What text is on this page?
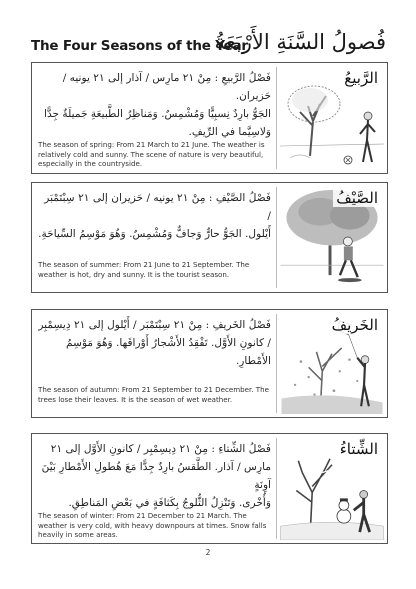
The Four Seasons of the Year
فُصولُ السَّنَةِ الأَرْبَعَةُ
فَصْلُ الرَّبيعِ : مِنْ ٢١ مارِس / آذار إلى ٢١ يونيه / حَزيران.
الجَوُّ بارِدٌ نِسبِيًّا وَمُشْمِسٌ. وَمَناظِرُ الطَّبيعَةِ جَميلَةٌ جِدًّا
وَلاسِيَّما في الرِّيفِ.
The season of spring: From 21 March to 21 June. The weather is relatively cold and sunny. The scene of nature is very beautiful, especially in the countryside.
الرَّبيعُ
فَصْلُ الصَّيْفِ : مِنْ ٢١ يونيه / حَزيران إلى ٢١ سِبْتَمْبَر /
أَيْلول. الجَوُّ حارٌّ وَجافٌّ وَمُشْمِسٌ. وَهُوَ مَوْسِمُ السِّياحَةِ.
The season of summer: From 21 June to 21 September. The weather is hot, dry and sunny. It is the tourist season.
الصَّيْفُ
فَصْلُ الخَريفِ : مِنْ ٢١ سِبْتَمْبَر / أَيْلول إلى ٢١ دِيسِمْبِر
/ كانونِ الأَوَّل. تَفْقِدُ الأَشْجارُ أَوْراقَها. وَهُوَ مَوْسِمُ الأَمْطارِ.
The season of autumn: From 21 September to 21 December. The trees lose their leaves. It is the season of wet weather.
الخَريفُ
فَصْلُ الشِّتاءِ : مِنْ ٢١ دِيسِمْبِر / كانونِ الأَوَّل إلى ٢١
مارِس / آذار. الطَّقسُ بارِدٌ جِدًّا مَعَ هُطولِ الأَمْطارِ بَيْنَ آوِنَةٍ
وَأُخْرى. وَتَنْزِلُ الثُّلوجُ بِكَثافَةٍ في بَعْضِ المَناطِقِ.
The season of winter: From 21 December to 21 March. The weather is very cold, with heavy downpours at times. Snow falls heavily in some areas.
الشِّتاءُ
2
